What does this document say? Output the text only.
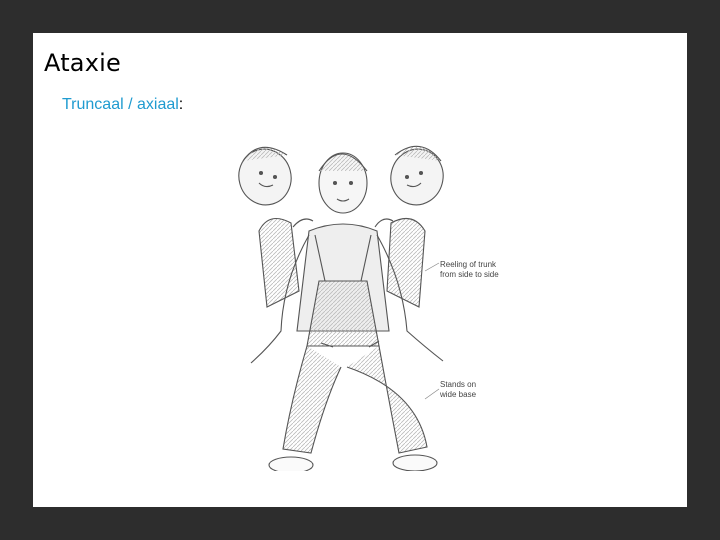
Ataxie
Truncaal / axiaal:
Reeling of trunk
from side to side
Stands on
wide base
